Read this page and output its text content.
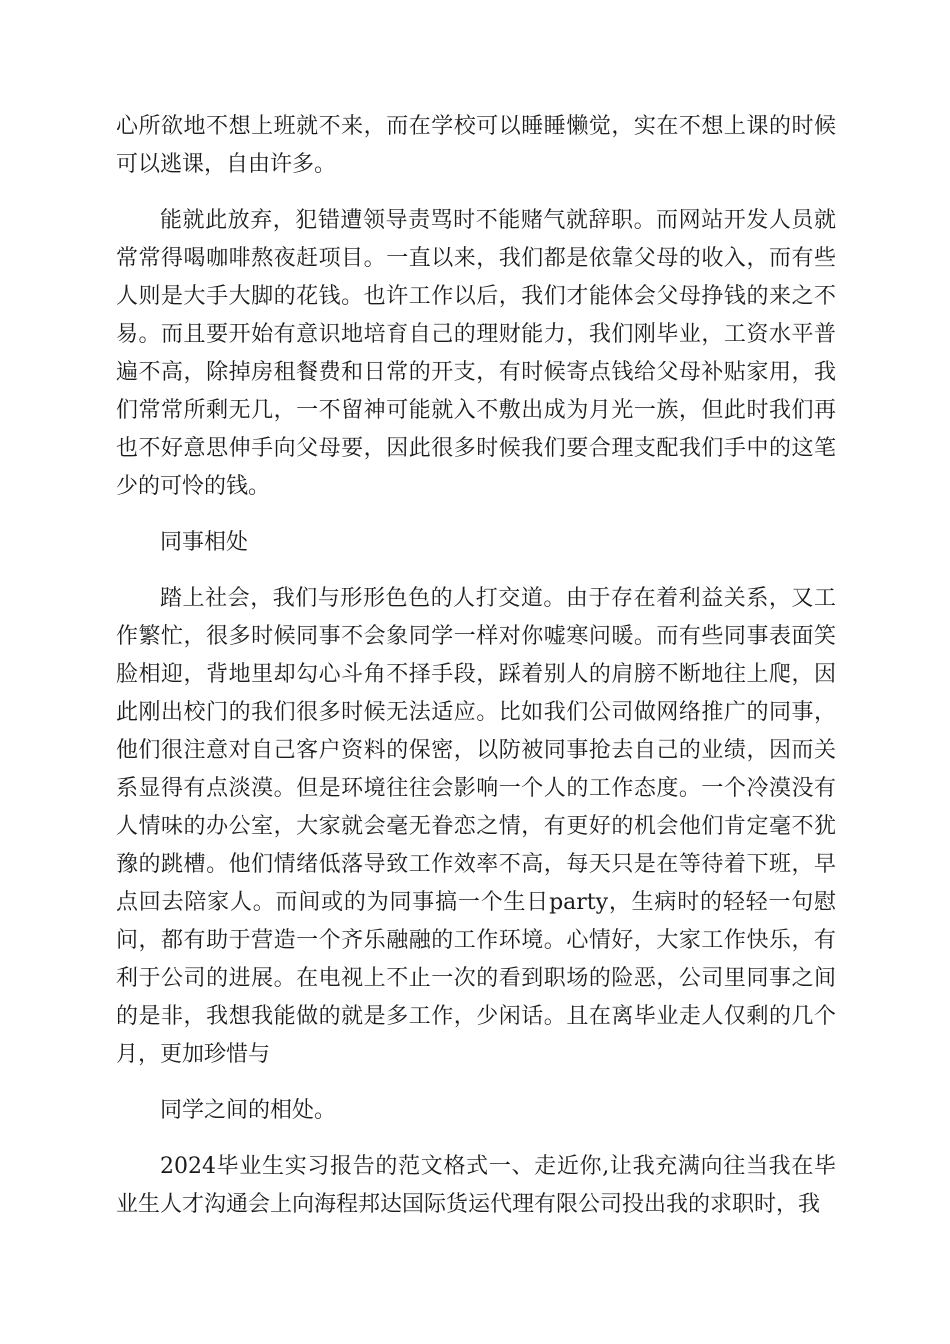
心所欲地不想上班就不来，而在学校可以睡睡懒觉，实在不想上课的时候可以逃课，自由许多。

能就此放弃，犯错遭领导责骂时不能赌气就辞职。而网站开发人员就常常得喝咖啡熬夜赶项目。一直以来，我们都是依靠父母的收入，而有些人则是大手大脚的花钱。也许工作以后，我们才能体会父母挣钱的来之不易。而且要开始有意识地培育自己的理财能力，我们刚毕业，工资水平普遍不高，除掉房租餐费和日常的开支，有时候寄点钱给父母补贴家用，我们常常所剩无几，一不留神可能就入不敷出成为月光一族，但此时我们再也不好意思伸手向父母要，因此很多时候我们要合理支配我们手中的这笔少的可怜的钱。

同事相处

踏上社会，我们与形形色色的人打交道。由于存在着利益关系，又工作繁忙，很多时候同事不会象同学一样对你嘘寒问暖。而有些同事表面笑脸相迎，背地里却勾心斗角不择手段，踩着别人的肩膀不断地往上爬，因此刚出校门的我们很多时候无法适应。比如我们公司做网络推广的同事，他们很注意对自己客户资料的保密，以防被同事抢去自己的业绩，因而关系显得有点淡漠。但是环境往往会影响一个人的工作态度。一个冷漠没有人情味的办公室，大家就会毫无眷恋之情，有更好的机会他们肯定毫不犹豫的跳槽。他们情绪低落导致工作效率不高，每天只是在等待着下班，早点回去陪家人。而间或的为同事搞一个生日party，生病时的轻轻一句慰问，都有助于营造一个齐乐融融的工作环境。心情好，大家工作快乐，有利于公司的进展。在电视上不止一次的看到职场的险恶，公司里同事之间的是非，我想我能做的就是多工作，少闲话。且在离毕业走人仅剩的几个月，更加珍惜与

同学之间的相处。

2024毕业生实习报告的范文格式一、走近你,让我充满向往当我在毕业生人才沟通会上向海程邦达国际货运代理有限公司投出我的求职时，我
